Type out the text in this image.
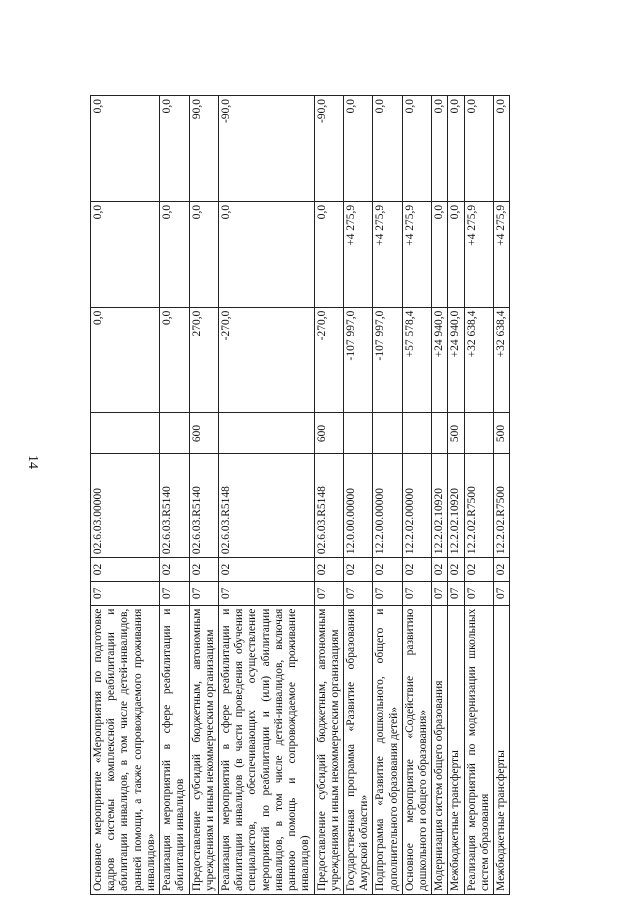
14
Основное мероприятие «Мероприятия по подготовке кадров системы комплексной реабилитации и абилитации инвалидов, в том числе детей-инвалидов, ранней помощи, а также сопровождаемого проживания инвалидов»	07	02	02.6.03.00000		0,0	0,0	0,0
Реализация мероприятий в сфере реабилитации и абилитации инвалидов	07	02	02.6.03.R5140		0,0	0,0	0,0
Предоставление субсидий бюджетным, автономным учреждениям и иным некоммерческим организациям	07	02	02.6.03.R5140	600	270,0	0,0	90,0
Реализация мероприятий в сфере реабилитации и абилитации инвалидов (в части проведения обучения специалистов, обеспечивающих осуществление мероприятий по реабилитации и (или) абилитации инвалидов, в том числе детей-инвалидов, включая раннюю помощь и сопровождаемое проживание инвалидов)	07	02	02.6.03.R5148		-270,0	0,0	-90,0
Предоставление субсидий бюджетным, автономным учреждениям и иным некоммерческим организациям	07	02	02.6.03.R5148	600	-270,0	0,0	-90,0
Государственная программа «Развитие образования Амурской области»	07	02	12.0.00.00000		-107 997,0	+4 275,9	0,0
Подпрограмма «Развитие дошкольного, общего и дополнительного образования детей»	07	02	12.2.00.00000		-107 997,0	+4 275,9	0,0
Основное мероприятие «Содействие развитию дошкольного и общего образования»	07	02	12.2.02.00000		+57 578,4	+4 275,9	0,0
Модернизация систем общего образования	07	02	12.2.02.10920		+24 940,0	0,0	0,0
Межбюджетные трансферты	07	02	12.2.02.10920	500	+24 940,0	0,0	0,0
Реализация мероприятий по модернизации школьных систем образования	07	02	12.2.02.R7500		+32 638,4	+4 275,9	0,0
Межбюджетные трансферты	07	02	12.2.02.R7500	500	+32 638,4	+4 275,9	0,0
